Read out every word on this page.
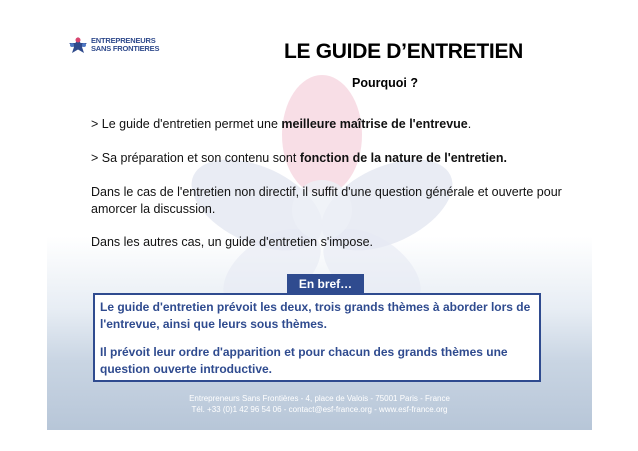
ENTREPRENEURS
SANS FRONTIERES	LE GUIDE D’ENTRETIEN
Pourquoi ?
> Le guide d'entretien permet une meilleure maîtrise de l'entrevue.
> Sa préparation et son contenu sont fonction de la nature de l'entretien.
Dans le cas de l'entretien non directif, il suffit d'une question générale et ouverte pour amorcer la discussion.
Dans les autres cas, un guide d'entretien s'impose.
En bref…

Le guide d'entretien prévoit les deux, trois grands thèmes à aborder lors de l'entrevue, ainsi que leurs sous thèmes.

Il prévoit leur ordre d'apparition et pour chacun des grands thèmes une question ouverte introductive.

Entrepreneurs Sans Frontières - 4, place de Valois - 75001 Paris - France
Tél. +33 (0)1 42 96 54 06 - contact@esf-france.org - www.esf-france.org
